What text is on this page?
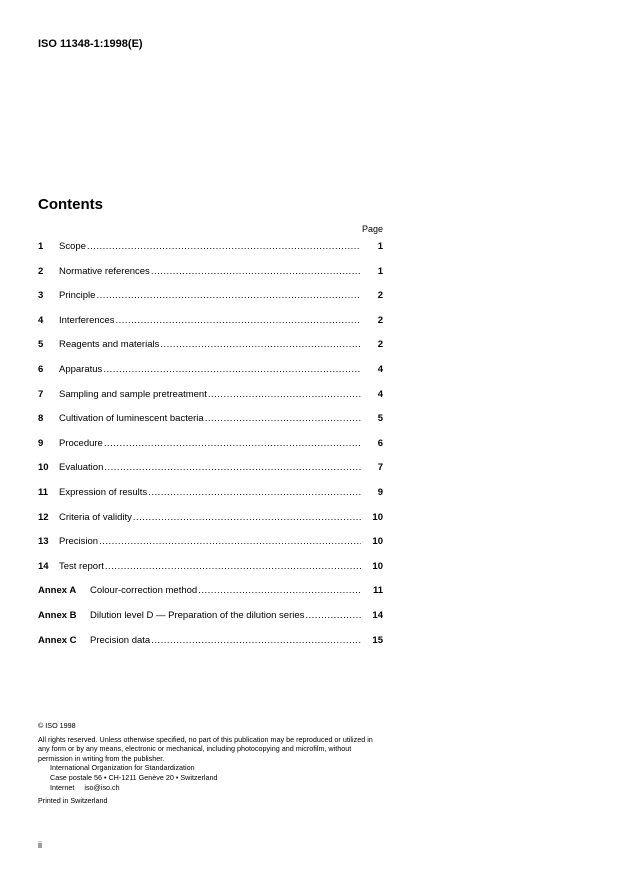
ISO 11348-1:1998(E)
Contents
Page
1	Scope .....	1
2	Normative references .....	1
3	Principle .....	2
4	Interferences .....	2
5	Reagents and materials .....	2
6	Apparatus .....	4
7	Sampling and sample pretreatment .....	4
8	Cultivation of luminescent bacteria .....	5
9	Procedure .....	6
10	Evaluation .....	7
11	Expression of results .....	9
12	Criteria of validity .....	10
13	Precision .....	10
14	Test report .....	10
Annex A	Colour-correction method .....	11
Annex B	Dilution level D — Preparation of the dilution series .....	14
Annex C	Precision data .....	15

© ISO 1998

All rights reserved. Unless otherwise specified, no part of this publication may be reproduced or utilized in any form or by any means, electronic or mechanical, including photocopying and microfilm, without permission in writing from the publisher.

International Organization for Standardization

Case postale 56 • CH-1211 Genève 20 • Switzerland

Internet     iso@iso.ch

Printed in Switzerland

ii
